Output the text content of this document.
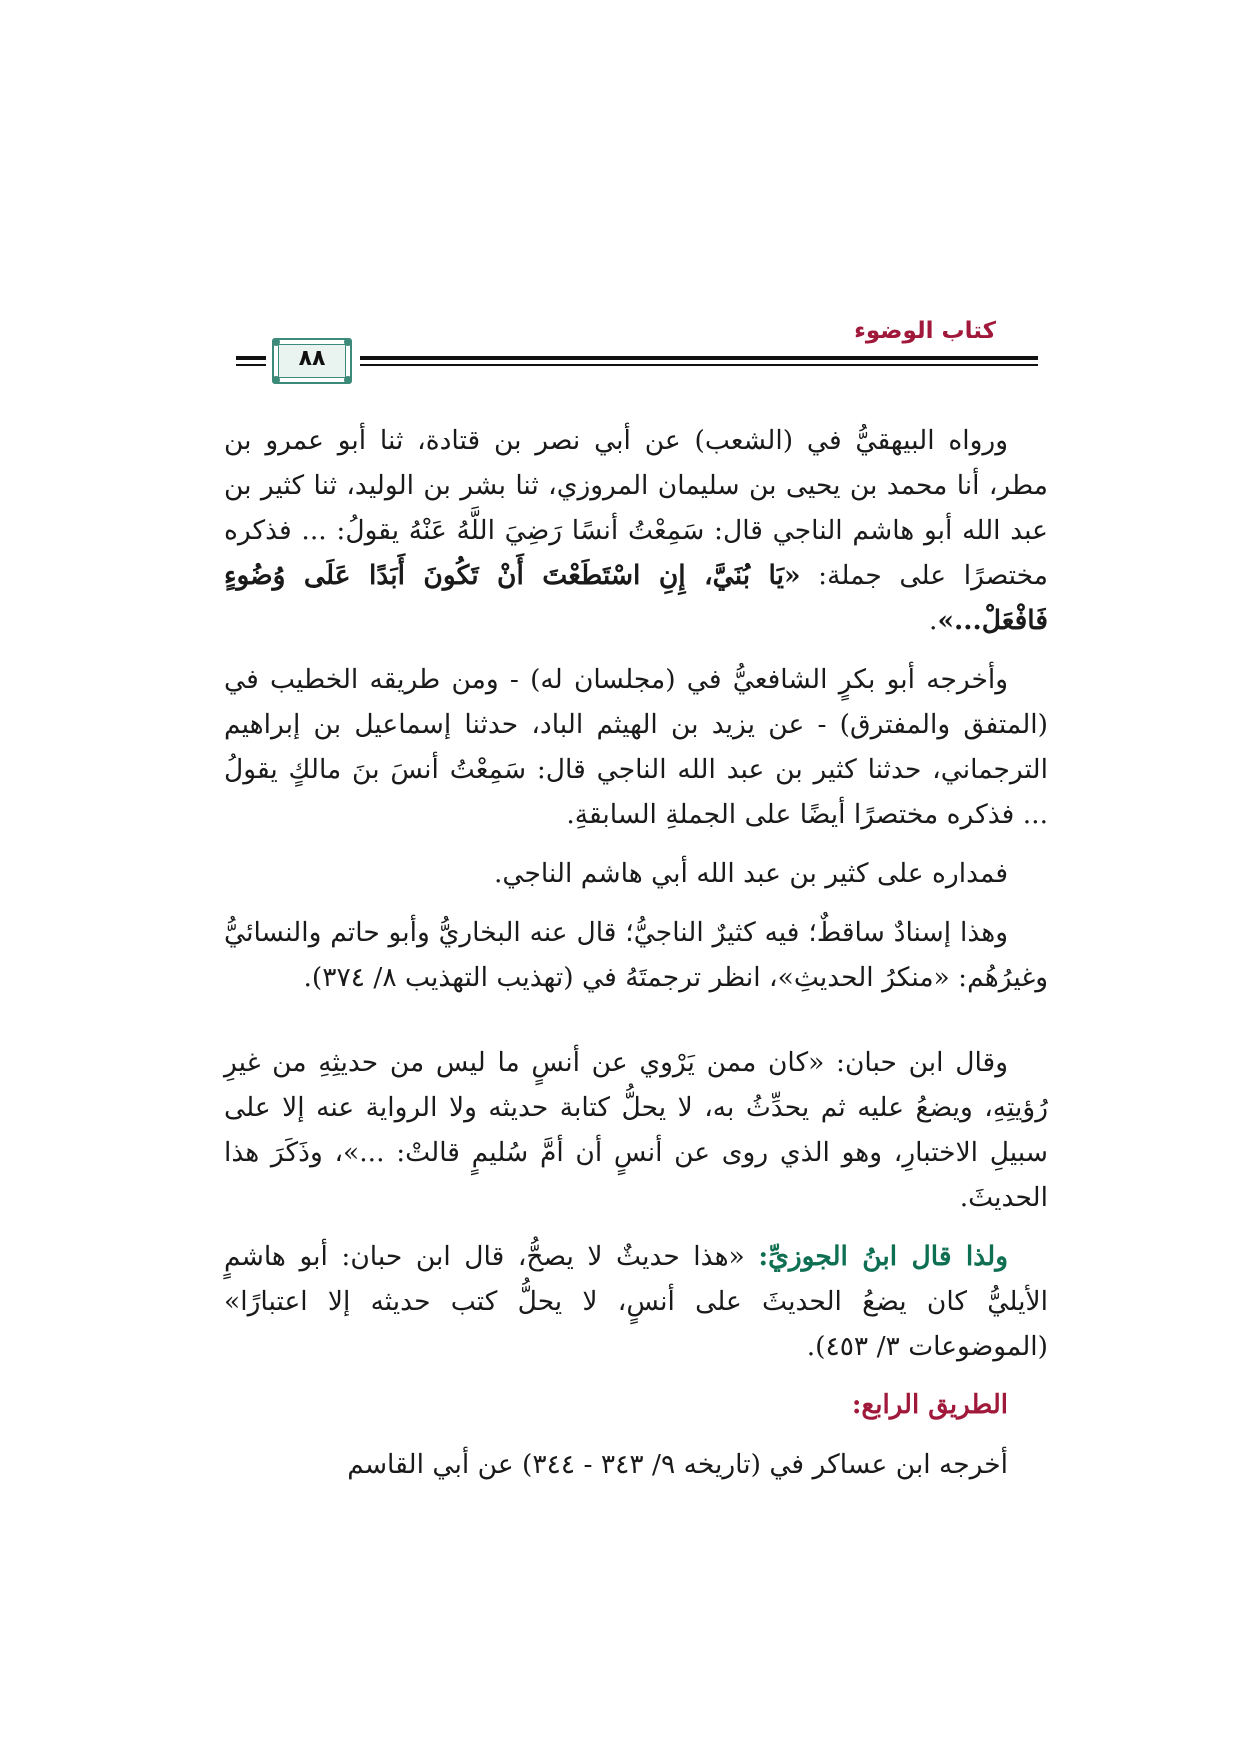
كتاب الوضوء
٨٨

ورواه البيهقيُّ في (الشعب) عن أبي نصر بن قتادة، ثنا أبو عمرو بن مطر، أنا محمد بن يحيى بن سليمان المروزي، ثنا بشر بن الوليد، ثنا كثير بن عبد الله أبو هاشم الناجي قال: سَمِعْتُ أنسًا رَضِيَ اللَّهُ عَنْهُ يقولُ: ... فذكره مختصرًا على جملة: «يَا بُنَيَّ، إِنِ اسْتَطَعْتَ أَنْ تَكُونَ أَبَدًا عَلَى وُضُوءٍ فَافْعَلْ...».

وأخرجه أبو بكرٍ الشافعيُّ في (مجلسان له) - ومن طريقه الخطيب في (المتفق والمفترق) - عن يزيد بن الهيثم الباد، حدثنا إسماعيل بن إبراهيم الترجماني، حدثنا كثير بن عبد الله الناجي قال: سَمِعْتُ أنسَ بنَ مالكٍ يقولُ ... فذكره مختصرًا أيضًا على الجملةِ السابقةِ.

فمداره على كثير بن عبد الله أبي هاشم الناجي.

وهذا إسنادٌ ساقطٌ؛ فيه كثيرٌ الناجيُّ؛ قال عنه البخاريُّ وأبو حاتم والنسائيُّ وغيرُهُم: «منكرُ الحديثِ»، انظر ترجمتَهُ في (تهذيب التهذيب ٨/ ٣٧٤).

وقال ابن حبان: «كان ممن يَرْوي عن أنسٍ ما ليس من حديثِهِ من غيرِ رُؤيتِهِ، ويضعُ عليه ثم يحدِّثُ به، لا يحلُّ كتابة حديثه ولا الرواية عنه إلا على سبيلِ الاختبارِ، وهو الذي روى عن أنسٍ أن أمَّ سُليمٍ قالتْ: ...»، وذَكَرَ هذا الحديثَ.

ولذا قال ابنُ الجوزيِّ: «هذا حديثٌ لا يصحُّ، قال ابن حبان: أبو هاشمٍ الأيليُّ كان يضعُ الحديثَ على أنسٍ، لا يحلُّ كتب حديثه إلا اعتبارًا» (الموضوعات ٣/ ٤٥٣).

الطريق الرابع:

أخرجه ابن عساكر في (تاريخه ٩/ ٣٤٣ - ٣٤٤) عن أبي القاسم
